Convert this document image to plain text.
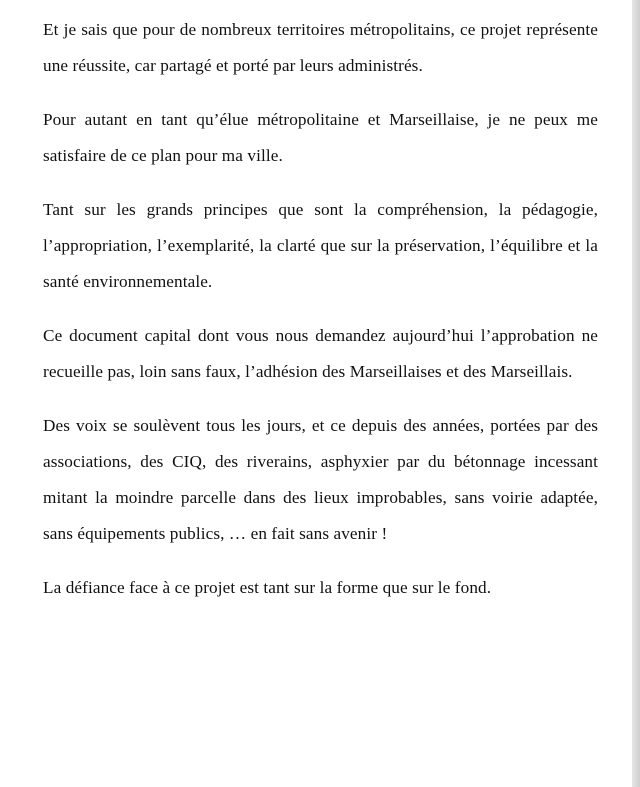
Et je sais que pour de nombreux territoires métropolitains, ce projet représente une réussite, car partagé et porté par leurs administrés.

Pour autant en tant qu’élue métropolitaine et Marseillaise, je ne peux me satisfaire de ce plan pour ma ville.

Tant sur les grands principes que sont la compréhension, la pédagogie, l’appropriation, l’exemplarité, la clarté que sur la préservation, l’équilibre et la santé environnementale.

Ce document capital dont vous nous demandez aujourd’hui l’approbation ne recueille pas, loin sans faux, l’adhésion des Marseillaises et des Marseillais.

Des voix se soulèvent tous les jours, et ce depuis des années, portées par des associations, des CIQ, des riverains, asphyxier par du bétonnage incessant mitant la moindre parcelle dans des lieux improbables, sans voirie adaptée, sans équipements publics, … en fait sans avenir !

La défiance face à ce projet est tant sur la forme que sur le fond.
